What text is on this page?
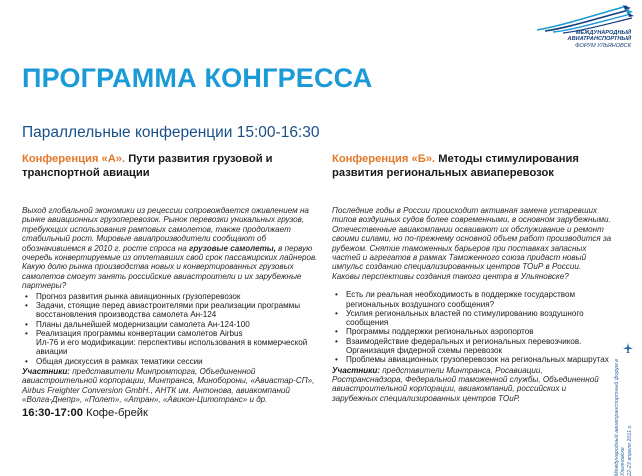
МЕЖДУНАРОДНЫЙ
АВИАТРАНСПОРТНЫЙ
ФОРУМ УЛЬЯНОВСК
ПРОГРАММА КОНГРЕССА
Параллельные конференции 15:00-16:30
Конференция «А». Пути развития грузовой и транспортной авиации
Выход глобальной экономики из рецессии сопровождается оживлением на рынке авиационных грузоперевозок. Рынок перевозки уникальных грузов, требующих использования рамповых самолетов, также продолжает стабильный рост. Мировые авиапроизводители сообщают об обозначившемся в 2010 г. росте спроса на грузовые самолеты, в первую очередь конвертируемые из отлетавших свой срок пассажирских лайнеров. Какую долю рынка производства новых и конвертированных грузовых самолетов смогут занять российские авиастроители и их зарубежные партнеры?
• Прогноз развития рынка авиационных грузоперевозок
• Задачи, стоящие перед авиастроителями при реализации программы восстановления производства самолета Ан-124
• Планы дальнейшей модернизации самолета Ан-124-100
• Реализация программы конвертации самолетов Airbus
Ил-76 и его модификации: перспективы использования в коммерческой авиации
• Общая дискуссия в рамках тематики сессии
Участники: представители Минпромторга, Объединенной авиастроительной корпорации, Минтранса, Минобороны, «Авиастар-СП», Airbus Freighter Conversion GmbH., АНТК им. Антонова, авиакомпаний «Волга-Днепр», «Полет», «Атран», «Авикон-Цитотранс» и др.
16:30-17:00 Кофе-брейк
Конференция «Б». Методы стимулирования развития региональных авиаперевозок
Последние годы в России происходит активная замена устаревших типов воздушных судов более современными, в основном зарубежными. Отечественные авиакомпании осваивают их обслуживание и ремонт своими силами, но по-прежнему основной объем работ производится за рубежом. Снятие таможенных барьеров при поставках запасных частей и агрегатов в рамках Таможенного союза придаст новый импульс созданию специализированных центров ТОиР в России.
Каковы перспективы создания такого центра в Ульяновске?
• Есть ли реальная необходимость в поддержке государством региональных воздушного сообщения?
• Усилия региональных властей по стимулированию воздушного сообщения
• Программы поддержки региональных аэропортов
• Взаимодействие федеральных и региональных перевозчиков. Организация фидерной схемы перевозок
• Проблемы авиационных грузоперевозок на региональных маршрутах
Участники: представители Минтранса, Росавиации, Ространснадзора, Федеральной таможенной службы, Объединенной авиастроительной корпорации, авиакомпаний, российских и зарубежных специализированных центров ТОиР.	Международный авиатранспортный форум в Ульяновске 22-23 апреля 2011 г.
